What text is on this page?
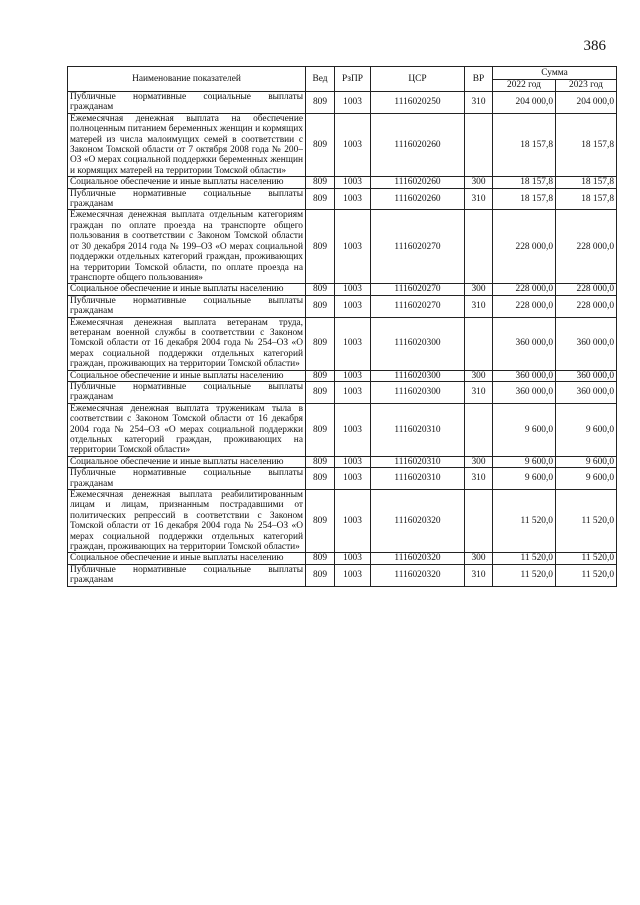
386
Наименование показателей	Вед	РзПР	ЦСР	ВР	Сумма	
					2022 год	2023 год
Публичные нормативные социальные выплаты гражданам	809	1003	1116020250	310	204 000,0	204 000,0
Ежемесячная денежная выплата на обеспечение полноценным питанием беременных женщин и кормящих матерей из числа малоимущих семей в соответствии с Законом Томской области от 7 октября 2008 года № 200–ОЗ «О мерах социальной поддержки беременных женщин и кормящих матерей на территории Томской области»	809	1003	1116020260		18 157,8	18 157,8
Социальное обеспечение и иные выплаты населению	809	1003	1116020260	300	18 157,8	18 157,8
Публичные нормативные социальные выплаты гражданам	809	1003	1116020260	310	18 157,8	18 157,8
Ежемесячная денежная выплата отдельным категориям граждан по оплате проезда на транспорте общего пользования в соответствии с Законом Томской области от 30 декабря 2014 года № 199–ОЗ «О мерах социальной поддержки отдельных категорий граждан, проживающих на территории Томской области, по оплате проезда на транспорте общего пользования»	809	1003	1116020270		228 000,0	228 000,0
Социальное обеспечение и иные выплаты населению	809	1003	1116020270	300	228 000,0	228 000,0
Публичные нормативные социальные выплаты гражданам	809	1003	1116020270	310	228 000,0	228 000,0
Ежемесячная денежная выплата ветеранам труда, ветеранам военной службы в соответствии с Законом Томской области от 16 декабря 2004 года № 254–ОЗ «О мерах социальной поддержки отдельных категорий граждан, проживающих на территории Томской области»	809	1003	1116020300		360 000,0	360 000,0
Социальное обеспечение и иные выплаты населению	809	1003	1116020300	300	360 000,0	360 000,0
Публичные нормативные социальные выплаты гражданам	809	1003	1116020300	310	360 000,0	360 000,0
Ежемесячная денежная выплата труженикам тыла в соответствии с Законом Томской области от 16 декабря 2004 года № 254–ОЗ «О мерах социальной поддержки отдельных категорий граждан, проживающих на территории Томской области»	809	1003	1116020310		9 600,0	9 600,0
Социальное обеспечение и иные выплаты населению	809	1003	1116020310	300	9 600,0	9 600,0
Публичные нормативные социальные выплаты гражданам	809	1003	1116020310	310	9 600,0	9 600,0
Ежемесячная денежная выплата реабилитированным лицам и лицам, признанным пострадавшими от политических репрессий в соответствии с Законом Томской области от 16 декабря 2004 года № 254–ОЗ «О мерах социальной поддержки отдельных категорий граждан, проживающих на территории Томской области»	809	1003	1116020320		11 520,0	11 520,0
Социальное обеспечение и иные выплаты населению	809	1003	1116020320	300	11 520,0	11 520,0
Публичные нормативные социальные выплаты гражданам	809	1003	1116020320	310	11 520,0	11 520,0
